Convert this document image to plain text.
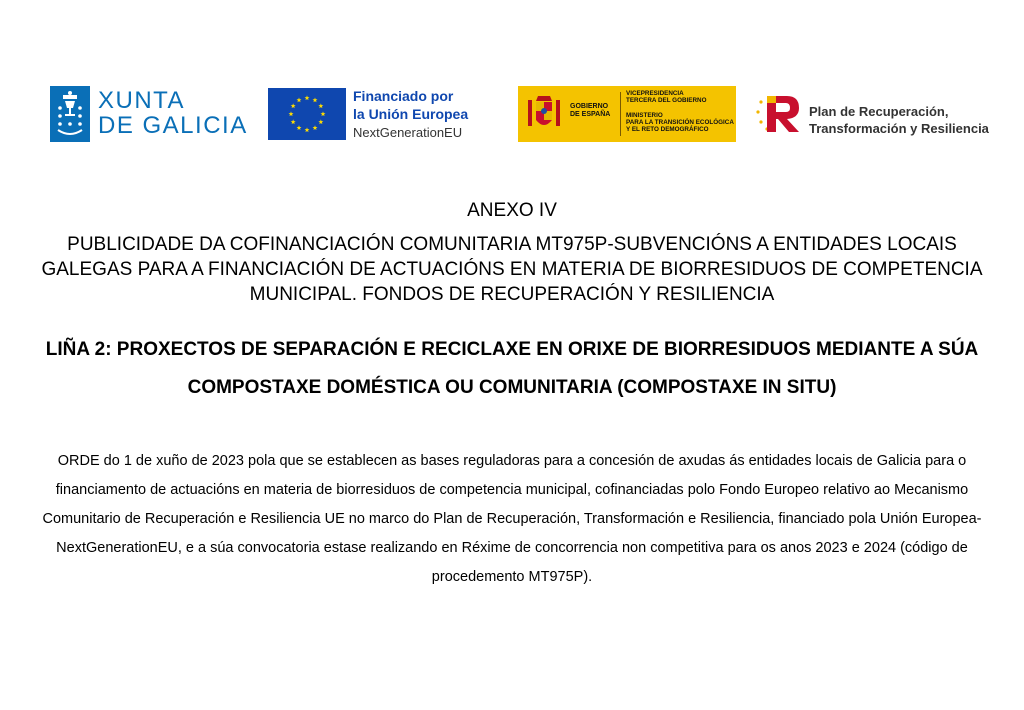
XUNTA
DE GALICIA
Financiado por
la Unión Europea
NextGenerationEU
GOBIERNO
DE ESPAÑA
VICEPRESIDENCIA
TERCERA DEL GOBIERNO

MINISTERIO
PARA LA TRANSICIÓN ECOLÓGICA
Y EL RETO DEMOGRÁFICO
Plan de Recuperación,
Transformación y Resiliencia

ANEXO IV

PUBLICIDADE DA COFINANCIACIÓN COMUNITARIA MT975P-SUBVENCIÓNS A ENTIDADES LOCAIS GALEGAS PARA A FINANCIACIÓN DE ACTUACIÓNS EN MATERIA DE BIORRESIDUOS DE COMPETENCIA MUNICIPAL. FONDOS DE RECUPERACIÓN Y RESILIENCIA

LIÑA 2: PROXECTOS DE SEPARACIÓN E RECICLAXE EN ORIXE DE BIORRESIDUOS MEDIANTE A SÚA COMPOSTAXE DOMÉSTICA OU COMUNITARIA (COMPOSTAXE IN SITU)

ORDE do 1 de xuño de 2023 pola que se establecen as bases reguladoras para a concesión de axudas ás entidades locais de Galicia para o financiamento de actuacións en materia de biorresiduos de competencia municipal, cofinanciadas polo Fondo Europeo relativo ao Mecanismo Comunitario de Recuperación e Resiliencia UE no marco do Plan de Recuperación, Transformación e Resiliencia, financiado pola Unión Europea-NextGenerationEU, e a súa convocatoria estase realizando en Réxime de concorrencia non competitiva para os anos 2023 e 2024 (código de procedemento MT975P).
